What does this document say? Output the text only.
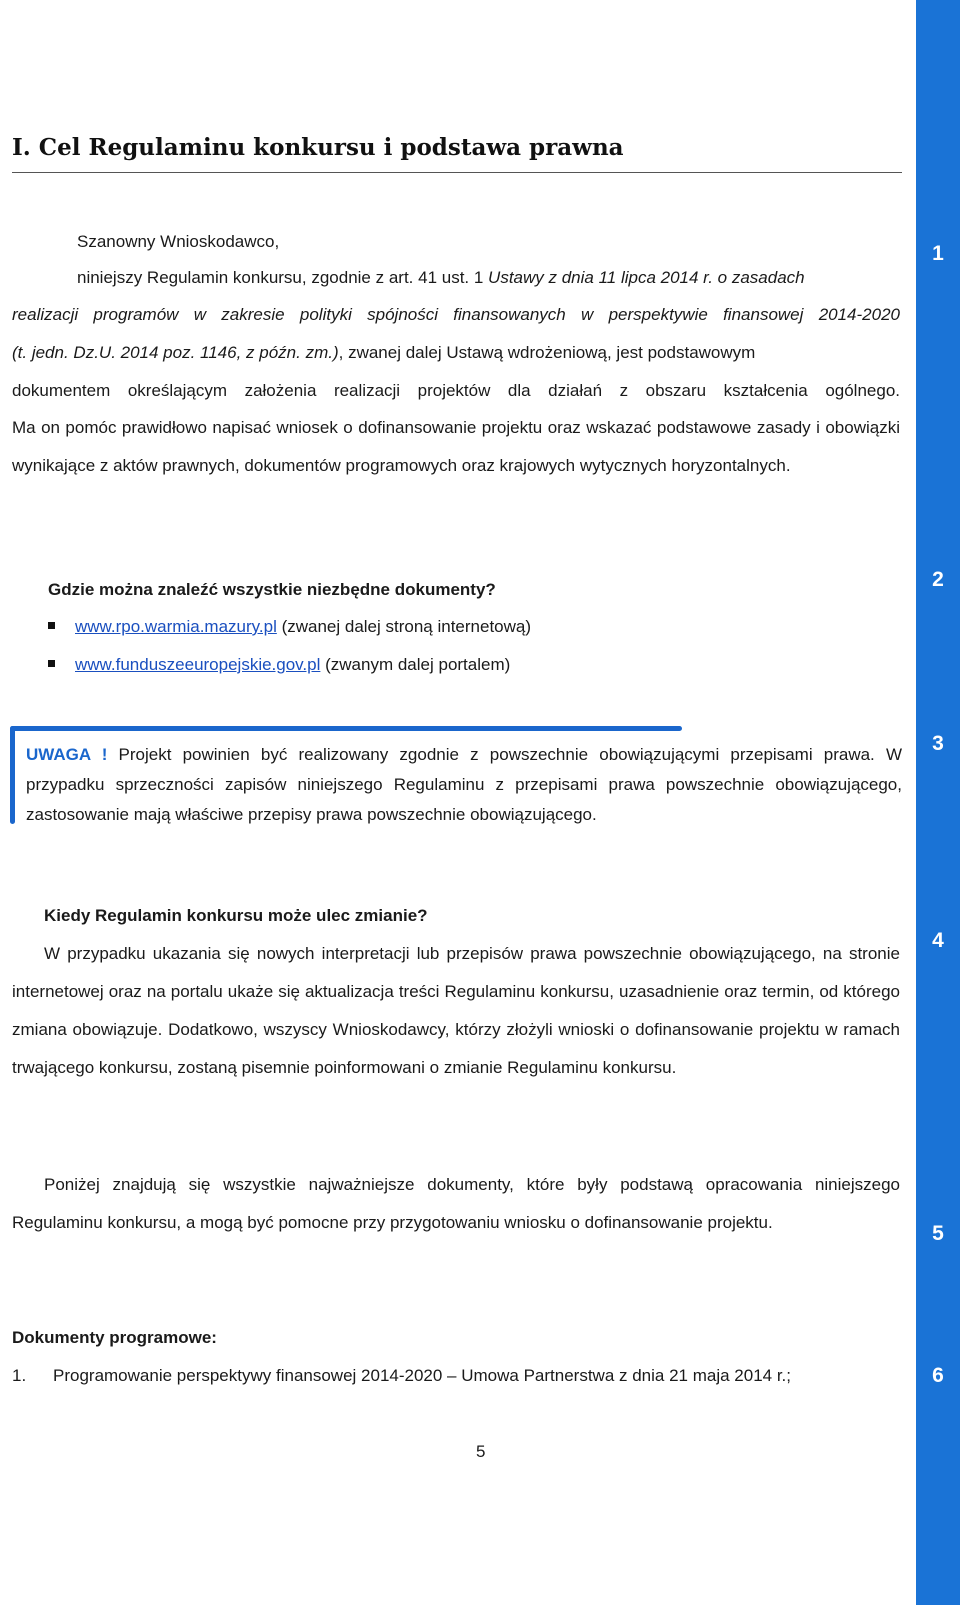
I. Cel Regulaminu konkursu i podstawa prawna
Szanowny Wnioskodawco,
niniejszy Regulamin konkursu, zgodnie z art. 41 ust. 1 Ustawy z dnia 11 lipca 2014 r. o zasadach
realizacji programów w zakresie polityki spójności finansowanych w perspektywie finansowej 2014-2020
(t. jedn. Dz.U. 2014 poz. 1146, z późn. zm.), zwanej dalej Ustawą wdrożeniową, jest podstawowym
dokumentem określającym założenia realizacji projektów dla działań z obszaru kształcenia ogólnego.

Ma on pomóc prawidłowo napisać wniosek o dofinansowanie projektu oraz wskazać podstawowe zasady i obowiązki wynikające z aktów prawnych, dokumentów programowych oraz krajowych wytycznych horyzontalnych.

Gdzie można znaleźć wszystkie niezbędne dokumenty?
www.rpo.warmia.mazury.pl (zwanej dalej stroną internetową)
www.funduszeeuropejskie.gov.pl (zwanym dalej portalem)

UWAGA ! Projekt powinien być realizowany zgodnie z powszechnie obowiązującymi przepisami prawa. W przypadku sprzeczności zapisów niniejszego Regulaminu z przepisami prawa powszechnie obowiązującego, zastosowanie mają właściwe przepisy prawa powszechnie obowiązującego.

Kiedy Regulamin konkursu może ulec zmianie?

W przypadku ukazania się nowych interpretacji lub przepisów prawa powszechnie obowiązującego, na stronie internetowej oraz na portalu ukaże się aktualizacja treści Regulaminu konkursu, uzasadnienie oraz termin, od którego zmiana obowiązuje. Dodatkowo, wszyscy Wnioskodawcy, którzy złożyli wnioski o dofinansowanie projektu w ramach trwającego konkursu, zostaną pisemnie poinformowani o zmianie Regulaminu konkursu.

Poniżej znajdują się wszystkie najważniejsze dokumenty, które były podstawą opracowania niniejszego Regulaminu konkursu, a mogą być pomocne przy przygotowaniu wniosku o dofinansowanie projektu.

Dokumenty programowe:
1. Programowanie perspektywy finansowej 2014-2020 – Umowa Partnerstwa z dnia 21 maja 2014 r.;
5
1
2
3
4
5
6
